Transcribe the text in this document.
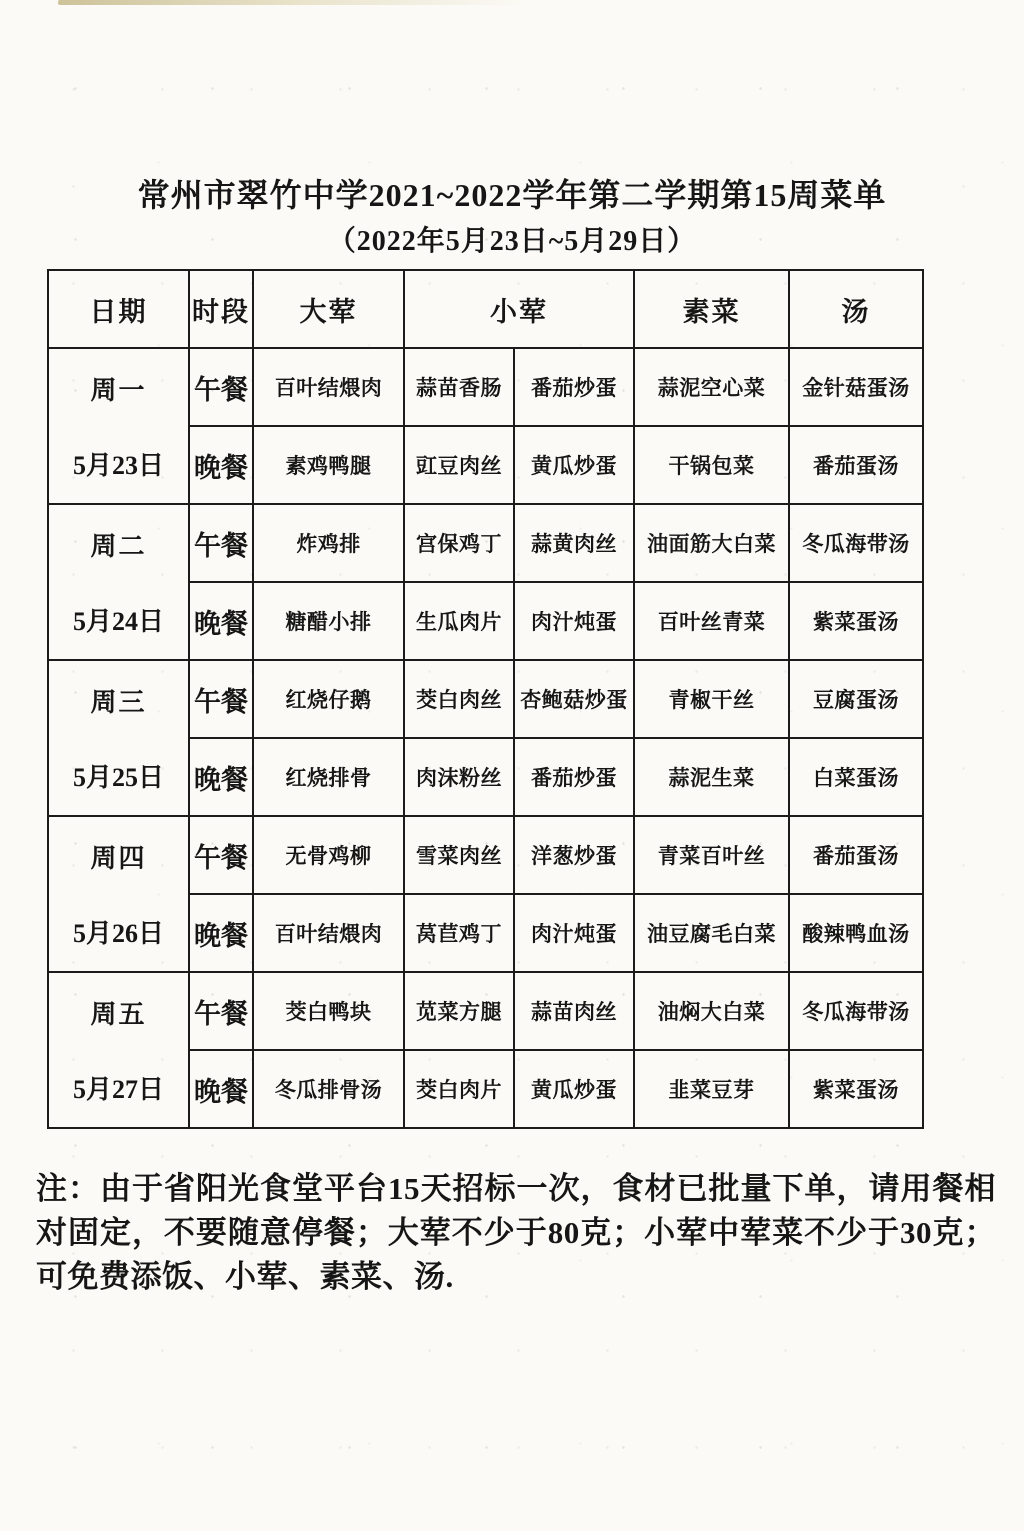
常州市翠竹中学2021~2022学年第二学期第15周菜单
（2022年5月23日~5月29日）
日期	时段	大荤	小荤		素菜	汤

周一
5月23日	午餐	百叶结煨肉	蒜苗香肠	番茄炒蛋	蒜泥空心菜	金针菇蛋汤
	晚餐	素鸡鸭腿	豇豆肉丝	黄瓜炒蛋	干锅包菜	番茄蛋汤

周二
5月24日	午餐	炸鸡排	宫保鸡丁	蒜黄肉丝	油面筋大白菜	冬瓜海带汤
	晚餐	糖醋小排	生瓜肉片	肉汁炖蛋	百叶丝青菜	紫菜蛋汤

周三
5月25日	午餐	红烧仔鹅	茭白肉丝	杏鲍菇炒蛋	青椒干丝	豆腐蛋汤
	晚餐	红烧排骨	肉沫粉丝	番茄炒蛋	蒜泥生菜	白菜蛋汤

周四
5月26日	午餐	无骨鸡柳	雪菜肉丝	洋葱炒蛋	青菜百叶丝	番茄蛋汤
	晚餐	百叶结煨肉	莴苣鸡丁	肉汁炖蛋	油豆腐毛白菜	酸辣鸭血汤

周五
5月27日	午餐	茭白鸭块	苋菜方腿	蒜苗肉丝	油焖大白菜	冬瓜海带汤
	晚餐	冬瓜排骨汤	茭白肉片	黄瓜炒蛋	韭菜豆芽	紫菜蛋汤
注：由于省阳光食堂平台15天招标一次，食材已批量下单，请用餐相对固定，不要随意停餐；大荤不少于80克；小荤中荤菜不少于30克；可免费添饭、小荤、素菜、汤.
